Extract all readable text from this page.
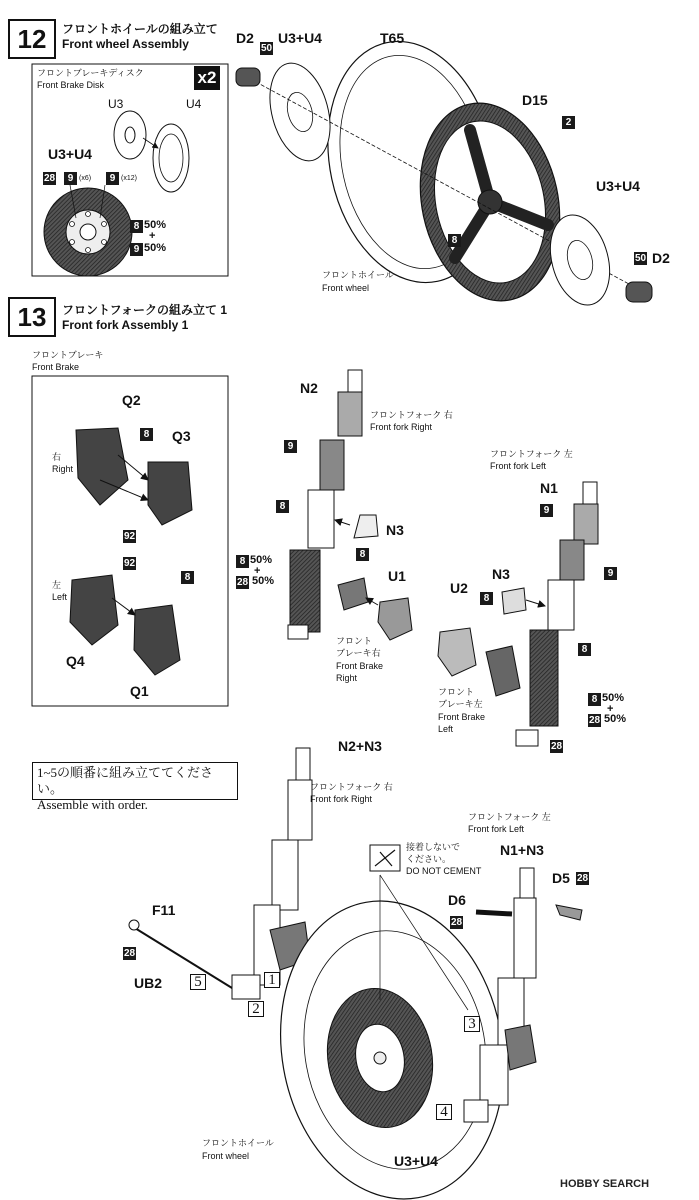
12	フロントホイールの組み立て
Front wheel Assembly
フロントブレーキディスク
Front Brake Disk	x2
U3	U4
U3+U4
28	9 (x6)	9 (x12)
8 50%
+
9 50%
D2
50
U3+U4	T65
D15
2
U3+U4
8
50 D2
フロントホイール
Front wheel
13	フロントフォークの組み立て 1
Front fork Assembly 1
フロントブレーキ
Front Brake
Q2
8 Q3
右
Right
92
92
8
左
Left
Q4
Q1
N2
フロントフォーク 右
Front fork Right
9
8
N3
8
8 50%
+
28 50%	U1
フロント
ブレーキ右
Front Brake
Right
フロントフォーク 左
Front fork Left
N1
9
N3
8
9
U2
8
フロント
ブレーキ左
Front Brake
Left
8 50%
+
28 50%
28
1~5の順番に組み立ててください。
Assemble with order.
N2+N3
フロントフォーク 右
Front fork Right
フロントフォーク 左
Front fork Left
接着しないで
ください。
DO NOT CEMENT
N1+N3
D5 28
D6
28
F11
28
UB2	1
2
3
4
5
フロントホイール
Front wheel	U3+U4
HOBBY SEARCH
